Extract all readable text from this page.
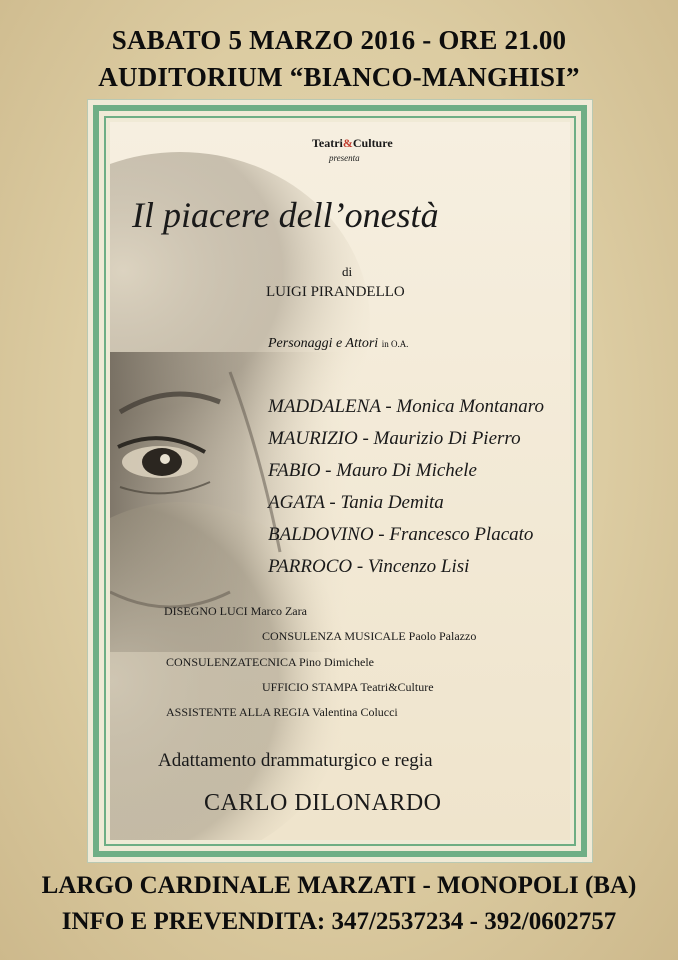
SABATO 5 MARZO 2016 - ORE 21.00
AUDITORIUM “BIANCO-MANGHISI”
Teatri&Culture
presenta
Il piacere dell’onestà
di
LUIGI PIRANDELLO
Personaggi e Attori in O.A.
MADDALENA - Monica Montanaro
MAURIZIO - Maurizio Di Pierro
FABIO - Mauro Di Michele
AGATA - Tania Demita
BALDOVINO - Francesco Placato
PARROCO - Vincenzo Lisi
DISEGNO LUCI Marco Zara
CONSULENZA MUSICALE Paolo Palazzo
CONSULENZATECNICA Pino Dimichele
UFFICIO STAMPA Teatri&Culture
ASSISTENTE ALLA REGIA Valentina Colucci
Adattamento drammaturgico e regia
CARLO DILONARDO
LARGO CARDINALE MARZATI - MONOPOLI (BA)
INFO E PREVENDITA: 347/2537234 - 392/0602757
